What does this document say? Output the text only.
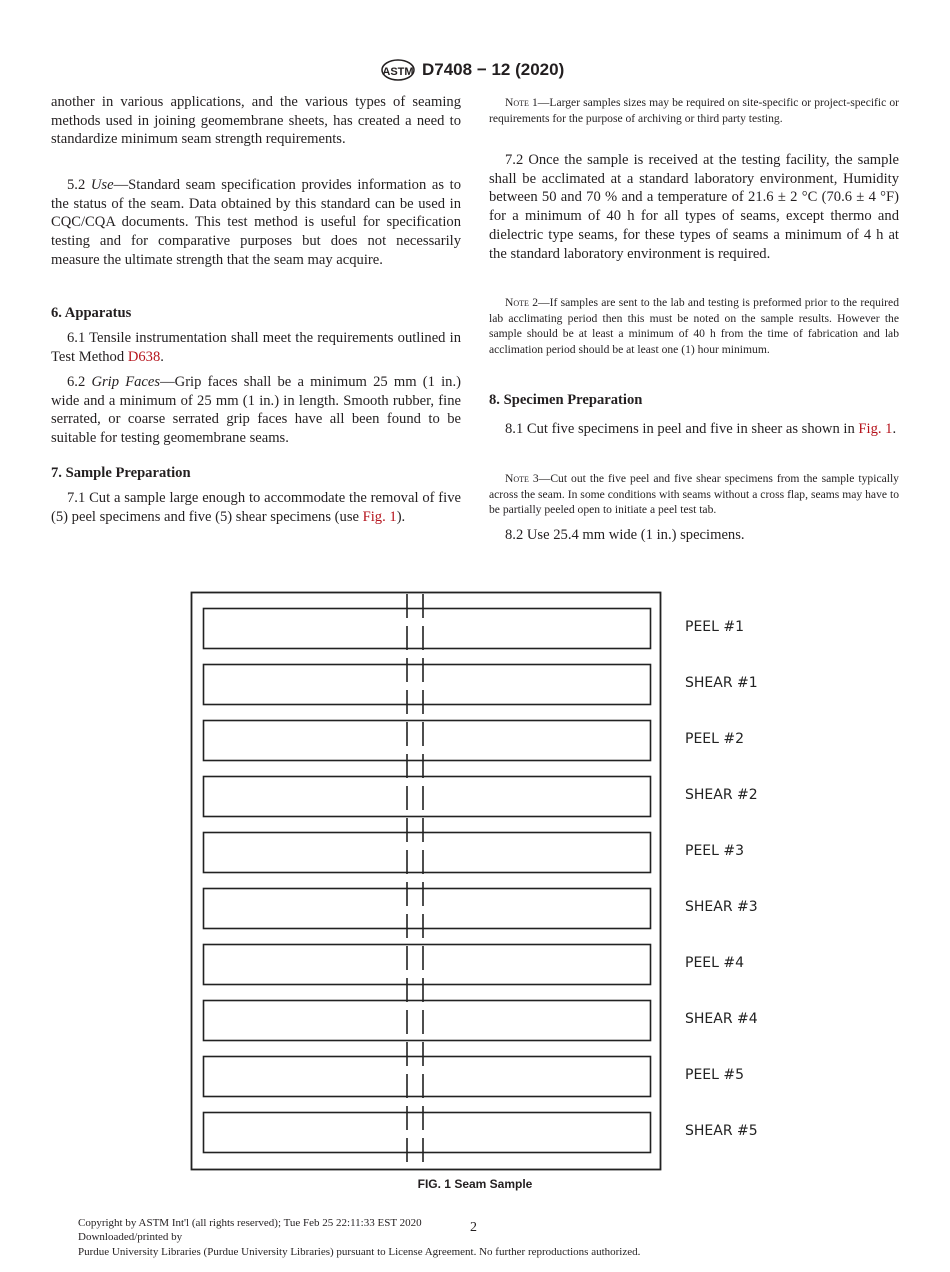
ASTM D7408 − 12 (2020)
another in various applications, and the various types of seaming methods used in joining geomembrane sheets, has created a need to standardize minimum seam strength requirements.
5.2 Use—Standard seam specification provides information as to the status of the seam. Data obtained by this standard can be used in CQC/CQA documents. This test method is useful for specification testing and for comparative purposes but does not necessarily measure the ultimate strength that the seam may acquire.
6. Apparatus
6.1 Tensile instrumentation shall meet the requirements outlined in Test Method D638.
6.2 Grip Faces—Grip faces shall be a minimum 25 mm (1 in.) wide and a minimum of 25 mm (1 in.) in length. Smooth rubber, fine serrated, or coarse serrated grip faces have all been found to be suitable for testing geomembrane seams.
7. Sample Preparation
7.1 Cut a sample large enough to accommodate the removal of five (5) peel specimens and five (5) shear specimens (use Fig. 1).
Note 1—Larger samples sizes may be required on site-specific or project-specific or requirements for the purpose of archiving or third party testing.
7.2 Once the sample is received at the testing facility, the sample shall be acclimated at a standard laboratory environment, Humidity between 50 and 70 % and a temperature of 21.6 ± 2 °C (70.6 ± 4 °F) for a minimum of 40 h for all types of seams, except thermo and dielectric type seams, for these types of seams a minimum of 4 h at the standard laboratory environment is required.
Note 2—If samples are sent to the lab and testing is preformed prior to the required lab acclimating period then this must be noted on the sample results. However the sample should be at least a minimum of 40 h from the time of fabrication and lab acclimation period should be at least one (1) hour minimum.
8. Specimen Preparation
8.1 Cut five specimens in peel and five in sheer as shown in Fig. 1.
Note 3—Cut out the five peel and five shear specimens from the sample typically across the seam. In some conditions with seams without a cross flap, seams may have to be partially peeled open to initiate a peel test tab.
8.2 Use 25.4 mm wide (1 in.) specimens.
PEEL #1
SHEAR #1
PEEL #2
SHEAR #2
PEEL #3
SHEAR #3
PEEL #4
SHEAR #4
PEEL #5
SHEAR #5
FIG. 1 Seam Sample
Copyright by ASTM Int'l (all rights reserved); Tue Feb 25 22:11:33 EST 2020
Downloaded/printed by
Purdue University Libraries (Purdue University Libraries) pursuant to License Agreement. No further reproductions authorized.
2
